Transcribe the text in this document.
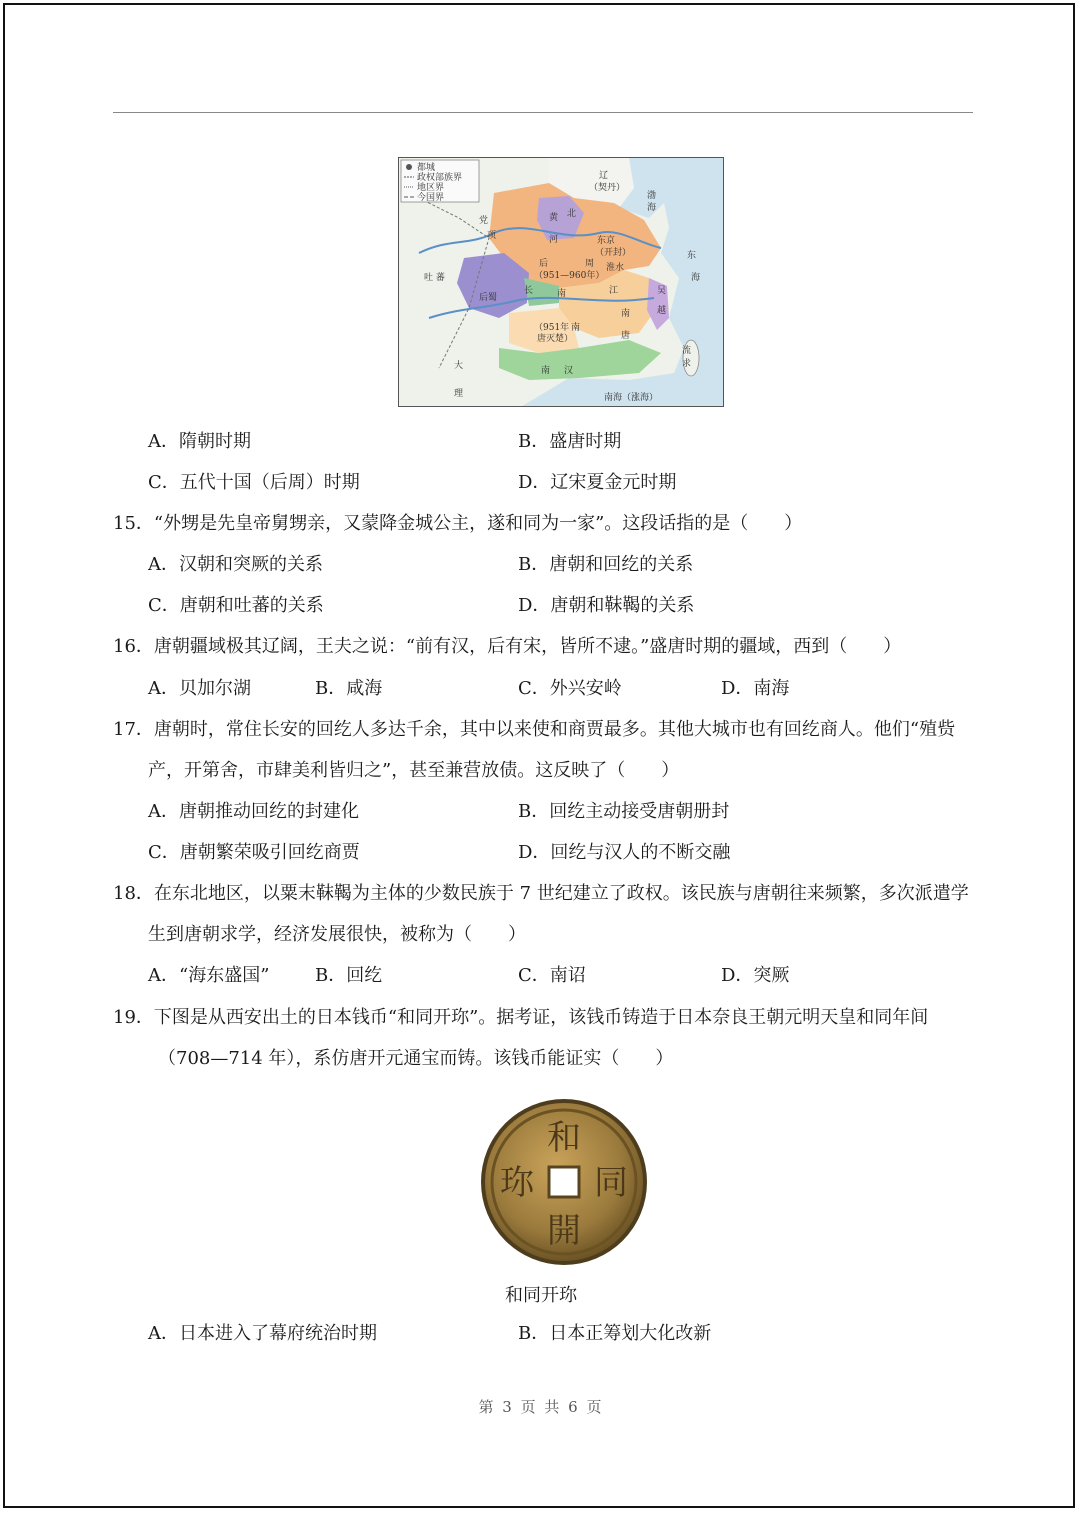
都城
政权部族界
地区界
今国界
辽
（契丹）
渤
海
党
项
黄 北
河	东京
（开封）
后	周
（951—960年）
淮水
东
海
吐 蕃
后蜀
长	南	江	吴
越
南
唐
（951年 南
唐灭楚）
大
理
南 汉
流
求
南海（涨海）
A．隋朝时期	B．盛唐时期
C．五代十国（后周）时期	D．辽宋夏金元时期
15．“外甥是先皇帝舅甥亲，又蒙降金城公主，遂和同为一家”。这段话指的是（　　）
A．汉朝和突厥的关系	B．唐朝和回纥的关系
C．唐朝和吐蕃的关系	D．唐朝和靺鞨的关系
16．唐朝疆域极其辽阔，王夫之说：“前有汉，后有宋，皆所不逮。”盛唐时期的疆域，西到（　　）
A．贝加尔湖	B．咸海	C．外兴安岭	D．南海
17．唐朝时，常住长安的回纥人多达千余，其中以来使和商贾最多。其他大城市也有回纥商人。他们“殖赀
产，开第舍，市肆美利皆归之”，甚至兼营放债。这反映了（　　）
A．唐朝推动回纥的封建化	B．回纥主动接受唐朝册封
C．唐朝繁荣吸引回纥商贾	D．回纥与汉人的不断交融
18．在东北地区，以粟末靺鞨为主体的少数民族于 7 世纪建立了政权。该民族与唐朝往来频繁，多次派遣学
生到唐朝求学，经济发展很快，被称为（　　）
A．“海东盛国”	B．回纥	C．南诏	D．突厥
19．下图是从西安出土的日本钱币“和同开珎”。据考证，该钱币铸造于日本奈良王朝元明天皇和同年间
（708—714 年），系仿唐开元通宝而铸。该钱币能证实（　　）
和
同
開
珎
和同开珎
A．日本进入了幕府统治时期	B．日本正筹划大化改新
第 3 页 共 6 页
